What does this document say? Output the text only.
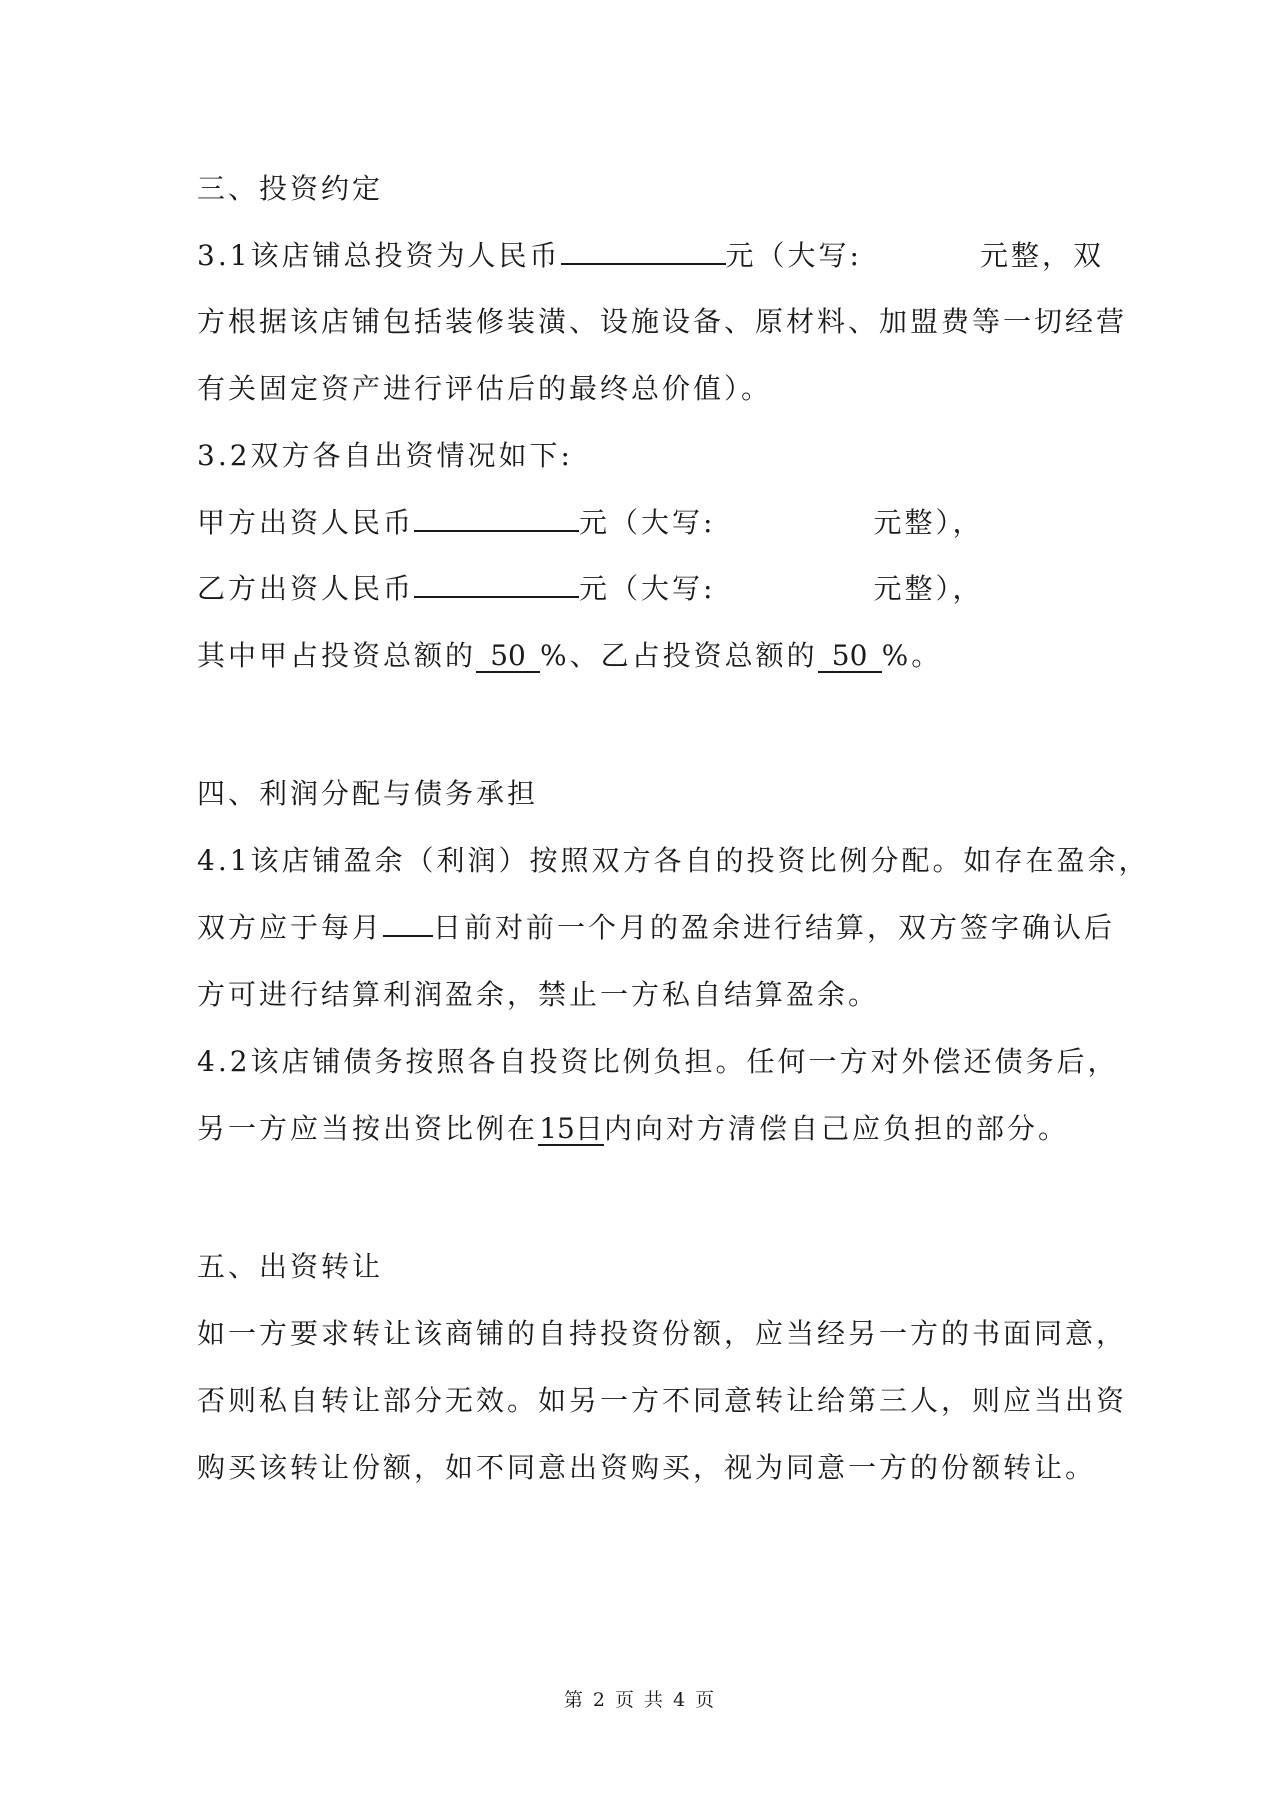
三、投资约定
3.1该店铺总投资为人民币	元（大写:	元整，双
方根据该店铺包括装修装潢、设施设备、原材料、加盟费等一切经营
有关固定资产进行评估后的最终总价值）。
3.2双方各自出资情况如下:
甲方出资人民币	元（大写:	元整），
乙方出资人民币	元（大写:	元整），
其中甲占投资总额的 50 %、乙占投资总额的 50 %。
四、利润分配与债务承担
4.1该店铺盈余（利润）按照双方各自的投资比例分配。如存在盈余，
双方应于每月 日前对前一个月的盈余进行结算，双方签字确认后
方可进行结算利润盈余，禁止一方私自结算盈余。
4.2该店铺债务按照各自投资比例负担。任何一方对外偿还债务后，
另一方应当按出资比例在15日内向对方清偿自己应负担的部分。
五、出资转让
如一方要求转让该商铺的自持投资份额，应当经另一方的书面同意，
否则私自转让部分无效。如另一方不同意转让给第三人，则应当出资
购买该转让份额，如不同意出资购买，视为同意一方的份额转让。
第 2 页 共 4 页
